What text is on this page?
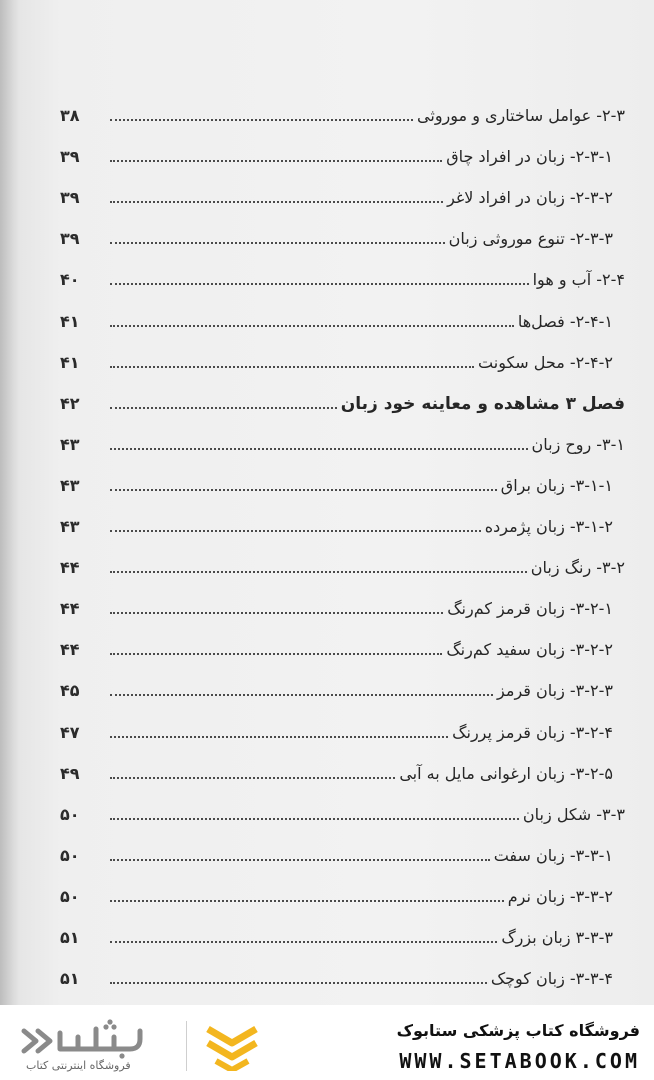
۲-۳- عوامل ساختاری و موروثی
۳۸
۲-۳-۱- زبان در افراد چاق
۳۹
۲-۳-۲- زبان در افراد لاغر
۳۹
۲-۳-۳- تنوع موروثی زبان
۳۹
۲-۴- آب و هوا
۴۰
۲-۴-۱- فصل‌ها
۴۱
۲-۴-۲- محل سکونت
۴۱
فصل ۳ مشاهده و معاینه خود زبان
۴۲
۳-۱- روح زبان
۴۳
۳-۱-۱- زبان براق
۴۳
۳-۱-۲- زبان پژمرده
۴۳
۳-۲- رنگ زبان
۴۴
۳-۲-۱- زبان قرمز کم‌رنگ
۴۴
۳-۲-۲- زبان سفید کم‌رنگ
۴۴
۳-۲-۳- زبان قرمز
۴۵
۳-۲-۴- زبان قرمز پررنگ
۴۷
۳-۲-۵- زبان ارغوانی مایل به آبی
۴۹
۳-۳- شکل زبان
۵۰
۳-۳-۱- زبان سفت
۵۰
۳-۳-۲- زبان نرم
۵۰
۳-۳-۳ زبان بزرگ
۵۱
۳-۳-۴- زبان کوچک
۵۱
فروشگاه اینترنتی کتاب
فروشگاه کتاب پزشکی ستابوک
WWW.SETABOOK.COM
